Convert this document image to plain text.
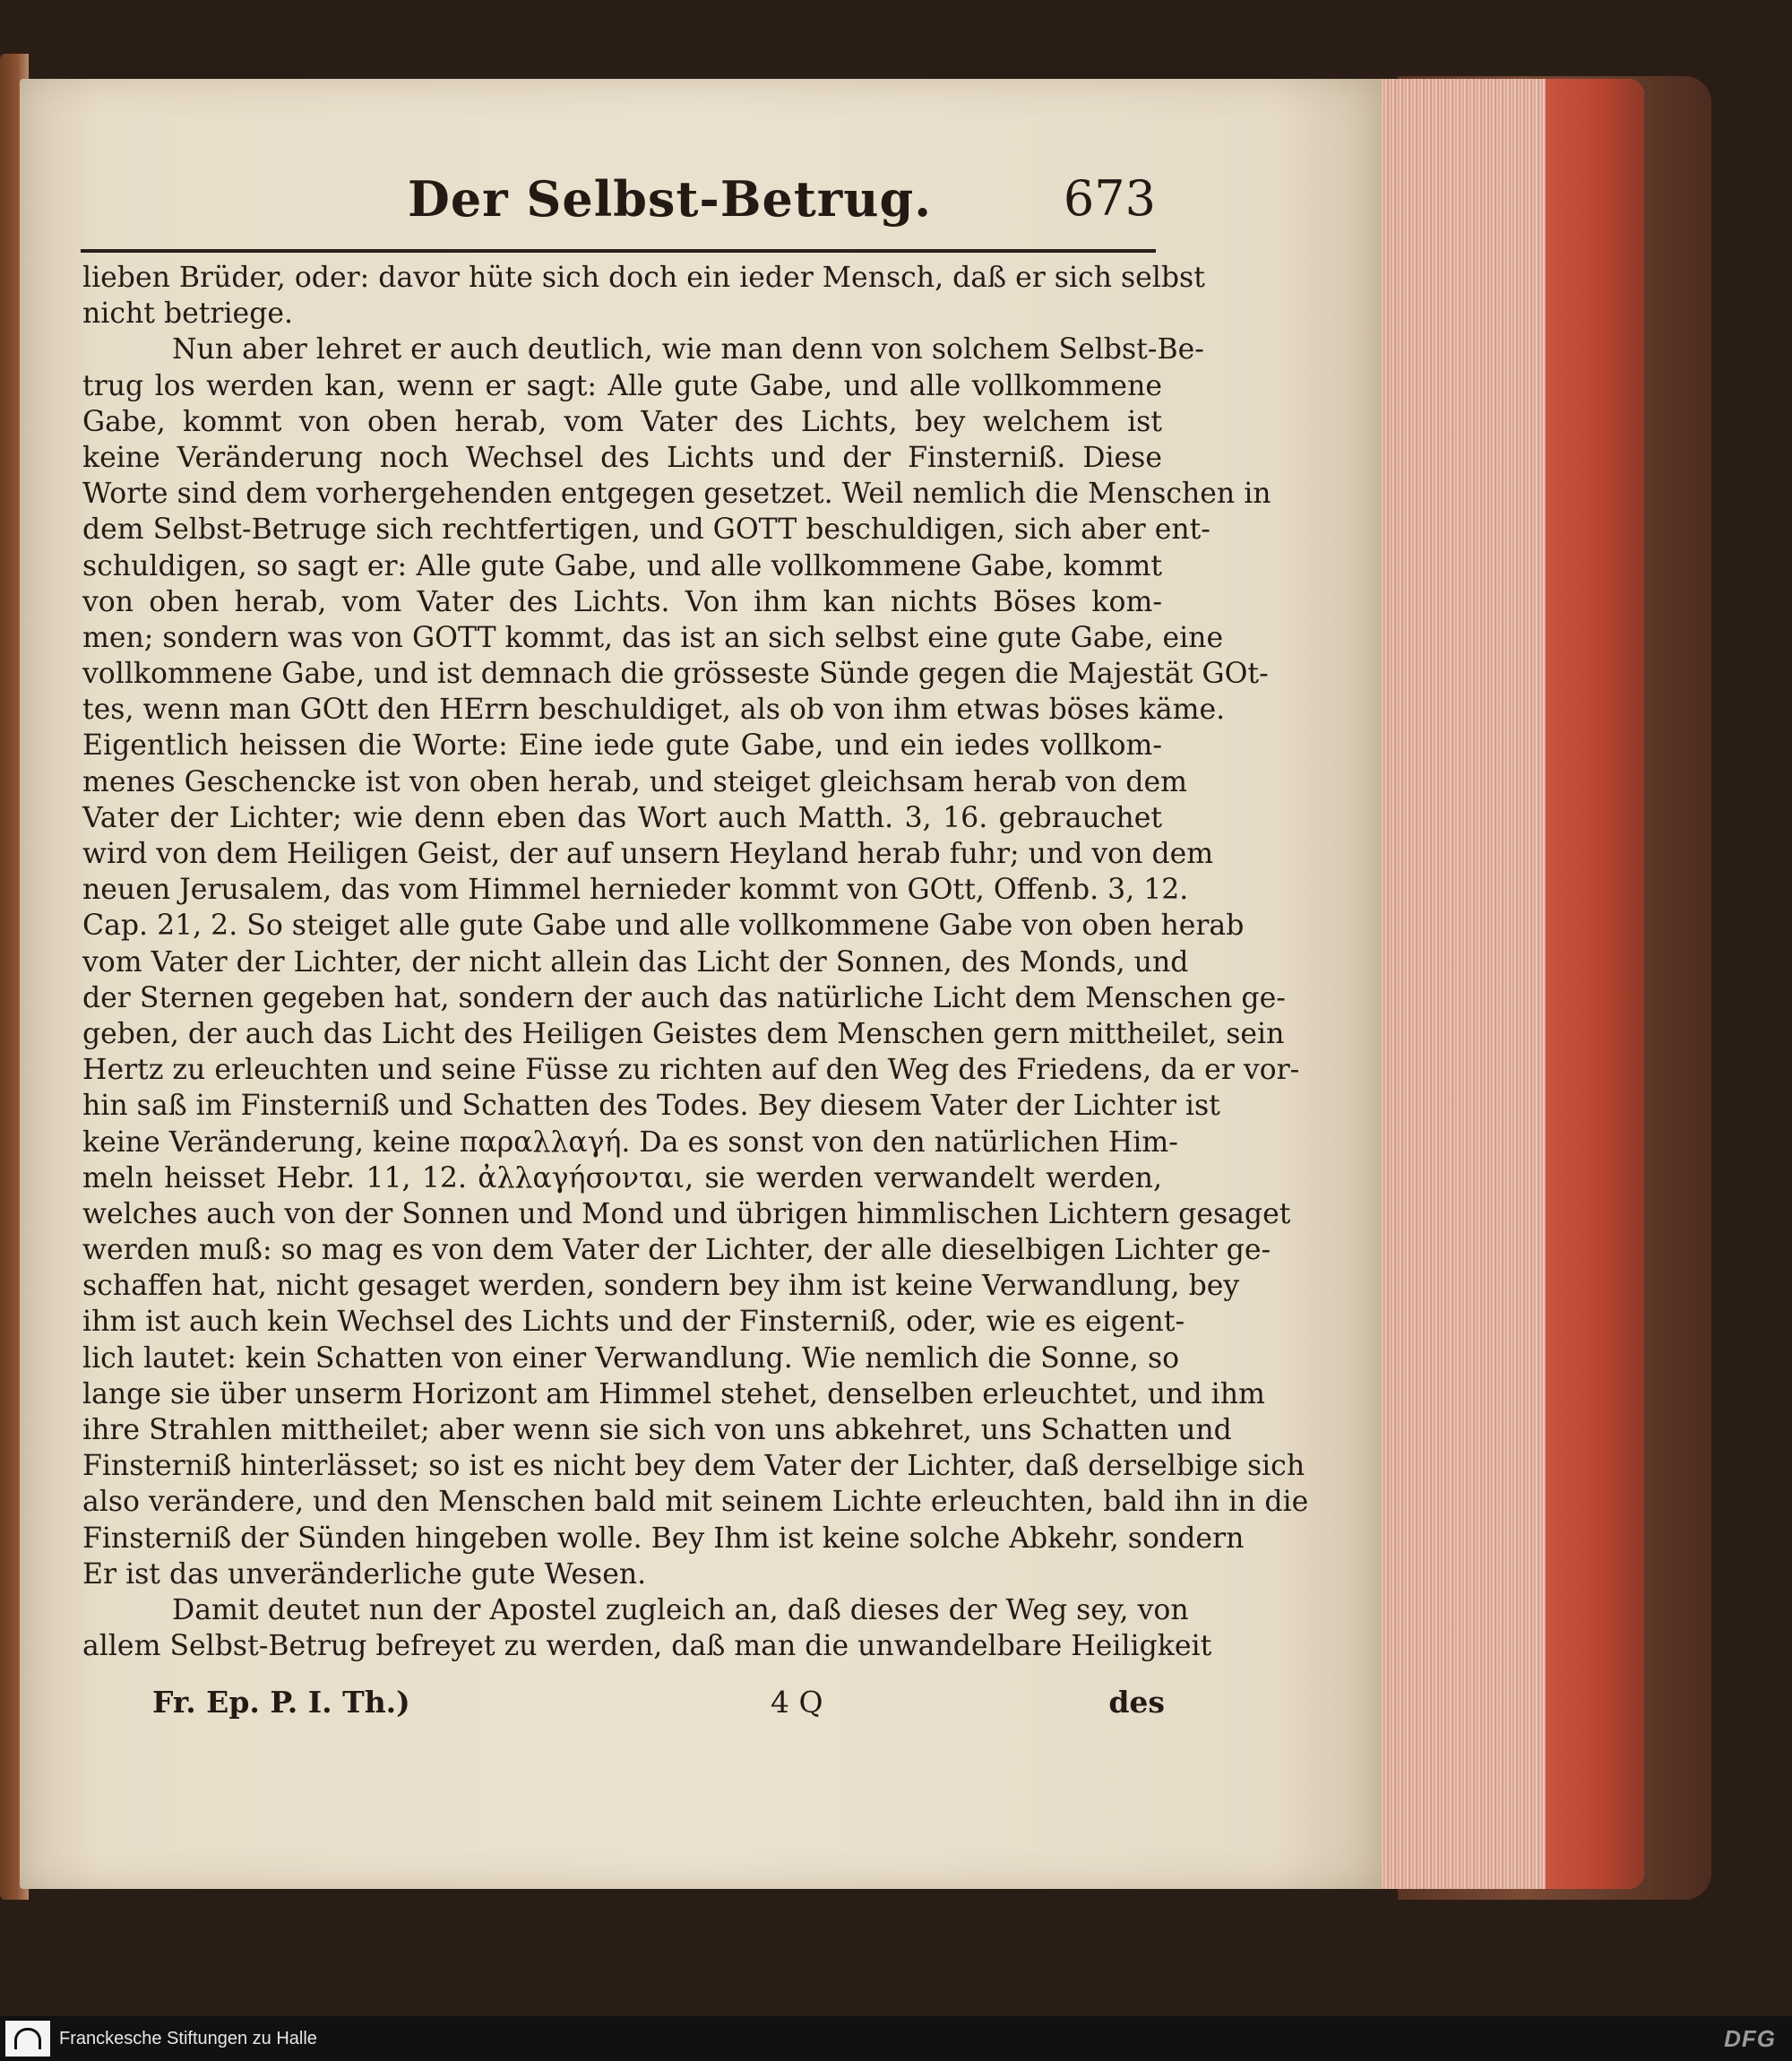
Der Selbst-Betrug.	673
lieben Brüder, oder: davor hüte sich doch ein ieder Mensch, daß er sich selbst
nicht betriege.
Nun aber lehret er auch deutlich, wie man denn von solchem Selbst-Be-
trug los werden kan, wenn er sagt: Alle gute Gabe, und alle vollkommene
Gabe, kommt von oben herab, vom Vater des Lichts, bey welchem ist
keine Veränderung noch Wechsel des Lichts und der Finsterniß. Diese
Worte sind dem vorhergehenden entgegen gesetzet. Weil nemlich die Menschen in
dem Selbst-Betruge sich rechtfertigen, und GOTT beschuldigen, sich aber ent-
schuldigen, so sagt er: Alle gute Gabe, und alle vollkommene Gabe, kommt
von oben herab, vom Vater des Lichts. Von ihm kan nichts Böses kom-
men; sondern was von GOTT kommt, das ist an sich selbst eine gute Gabe, eine
vollkommene Gabe, und ist demnach die grösseste Sünde gegen die Majestät GOt-
tes, wenn man GOtt den HErrn beschuldiget, als ob von ihm etwas böses käme.
Eigentlich heissen die Worte: Eine iede gute Gabe, und ein iedes vollkom-
menes Geschencke ist von oben herab, und steiget gleichsam herab von dem
Vater der Lichter; wie denn eben das Wort auch Matth. 3, 16. gebrauchet
wird von dem Heiligen Geist, der auf unsern Heyland herab fuhr; und von dem
neuen Jerusalem, das vom Himmel hernieder kommt von GOtt, Offenb. 3, 12.
Cap. 21, 2. So steiget alle gute Gabe und alle vollkommene Gabe von oben herab
vom Vater der Lichter, der nicht allein das Licht der Sonnen, des Monds, und
der Sternen gegeben hat, sondern der auch das natürliche Licht dem Menschen ge-
geben, der auch das Licht des Heiligen Geistes dem Menschen gern mittheilet, sein
Hertz zu erleuchten und seine Füsse zu richten auf den Weg des Friedens, da er vor-
hin saß im Finsterniß und Schatten des Todes. Bey diesem Vater der Lichter ist
keine Veränderung, keine παραλλαγή. Da es sonst von den natürlichen Him-
meln heisset Hebr. 11, 12. ἀλλαγήσονται, sie werden verwandelt werden,
welches auch von der Sonnen und Mond und übrigen himmlischen Lichtern gesaget
werden muß: so mag es von dem Vater der Lichter, der alle dieselbigen Lichter ge-
schaffen hat, nicht gesaget werden, sondern bey ihm ist keine Verwandlung, bey
ihm ist auch kein Wechsel des Lichts und der Finsterniß, oder, wie es eigent-
lich lautet: kein Schatten von einer Verwandlung. Wie nemlich die Sonne, so
lange sie über unserm Horizont am Himmel stehet, denselben erleuchtet, und ihm
ihre Strahlen mittheilet; aber wenn sie sich von uns abkehret, uns Schatten und
Finsterniß hinterlässet; so ist es nicht bey dem Vater der Lichter, daß derselbige sich
also verändere, und den Menschen bald mit seinem Lichte erleuchten, bald ihn in die
Finsterniß der Sünden hingeben wolle. Bey Ihm ist keine solche Abkehr, sondern
Er ist das unveränderliche gute Wesen.
Damit deutet nun der Apostel zugleich an, daß dieses der Weg sey, von
allem Selbst-Betrug befreyet zu werden, daß man die unwandelbare Heiligkeit
Fr. Ep. P. I. Th.)	4 Q	des
Franckesche Stiftungen zu Halle	DFG
